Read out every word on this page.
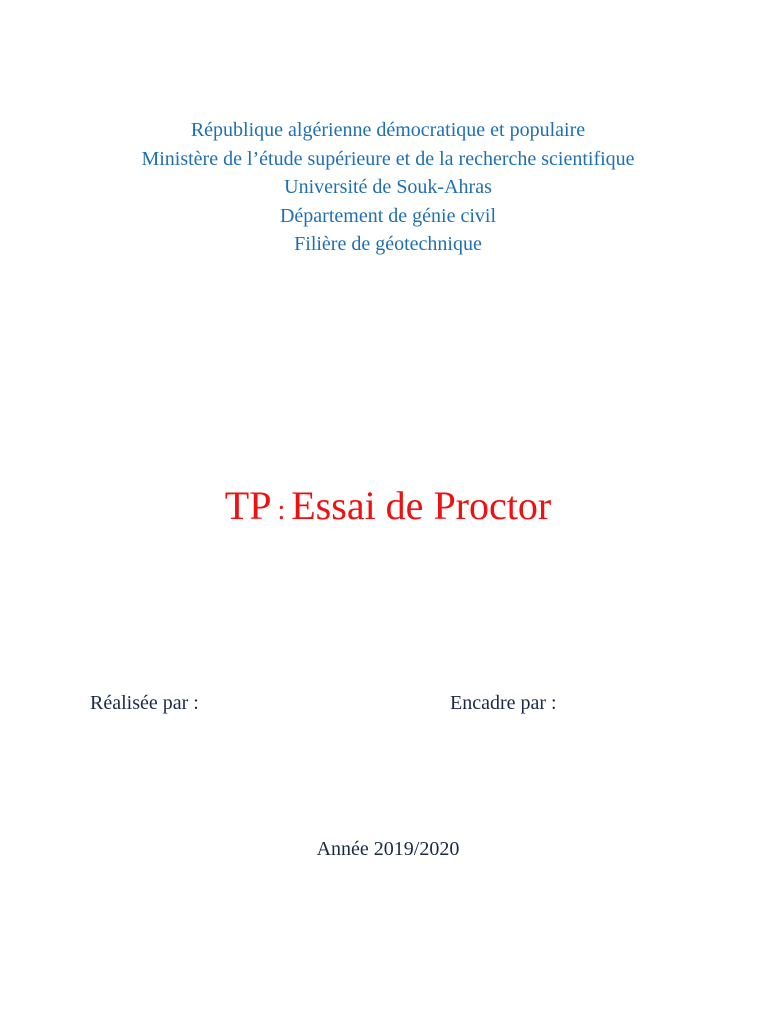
République algérienne démocratique et populaire
Ministère de l’étude supérieure et de la recherche scientifique
Université de Souk-Ahras
Département de génie civil
Filière de géotechnique
TP : Essai de Proctor
Réalisée par :	Encadre par :
Année 2019/2020
